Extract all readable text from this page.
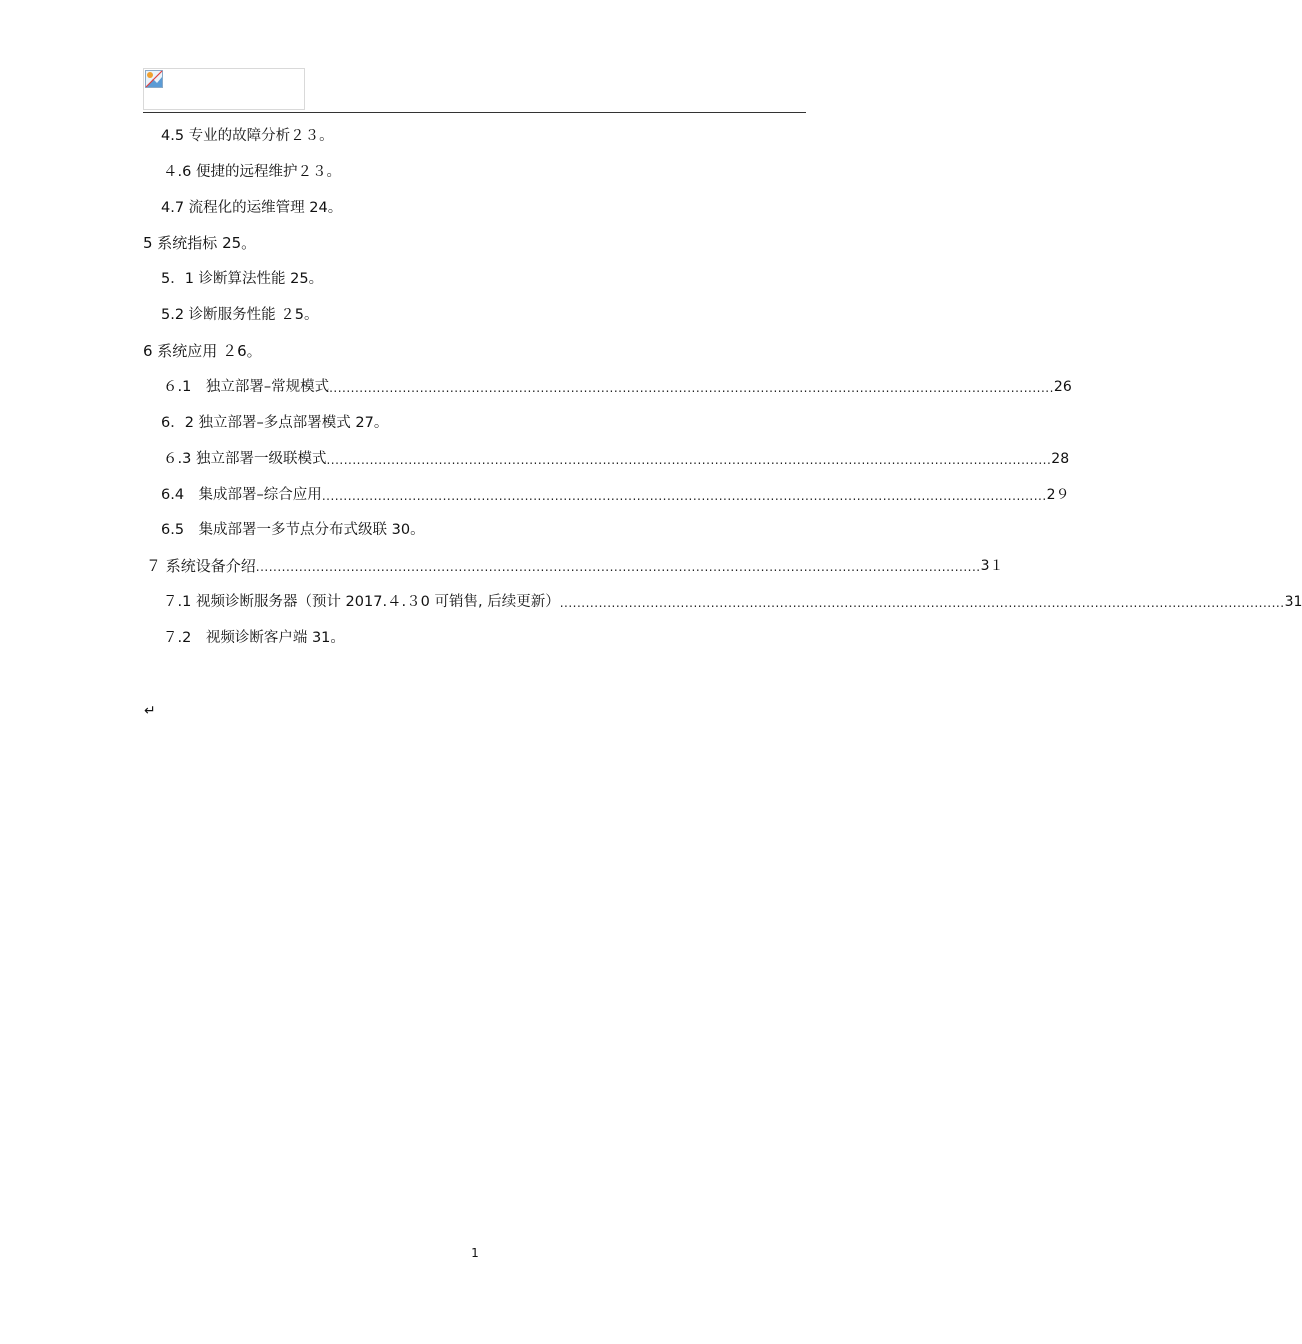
4.5 专业的故障分析２３。
４.6 便捷的远程维护２３。
4.7 流程化的运维管理 24。
5 系统指标 25。
5．1 诊断算法性能 25。
5.2 诊断服务性能 ２5。
6 系统应用 ２6。
６.1　独立部署–常规模式 ........................................................................................................................................................................ 26
6．2 独立部署–多点部署模式 27。
６.3 独立部署一级联模式 ........................................................................................................................................................................ 28
6.4　集成部署–综合应用 ........................................................................................................................................................................ 2９
6.5　集成部署一多节点分布式级联 30。
７ 系统设备介绍 ........................................................................................................................................................................ 3１
７.1 视频诊断服务器（预计 2017.４.３0 可销售, 后续更新） ........................................................................................................................................................................ 31
７.2　视频诊断客户端 31。
↵
1
